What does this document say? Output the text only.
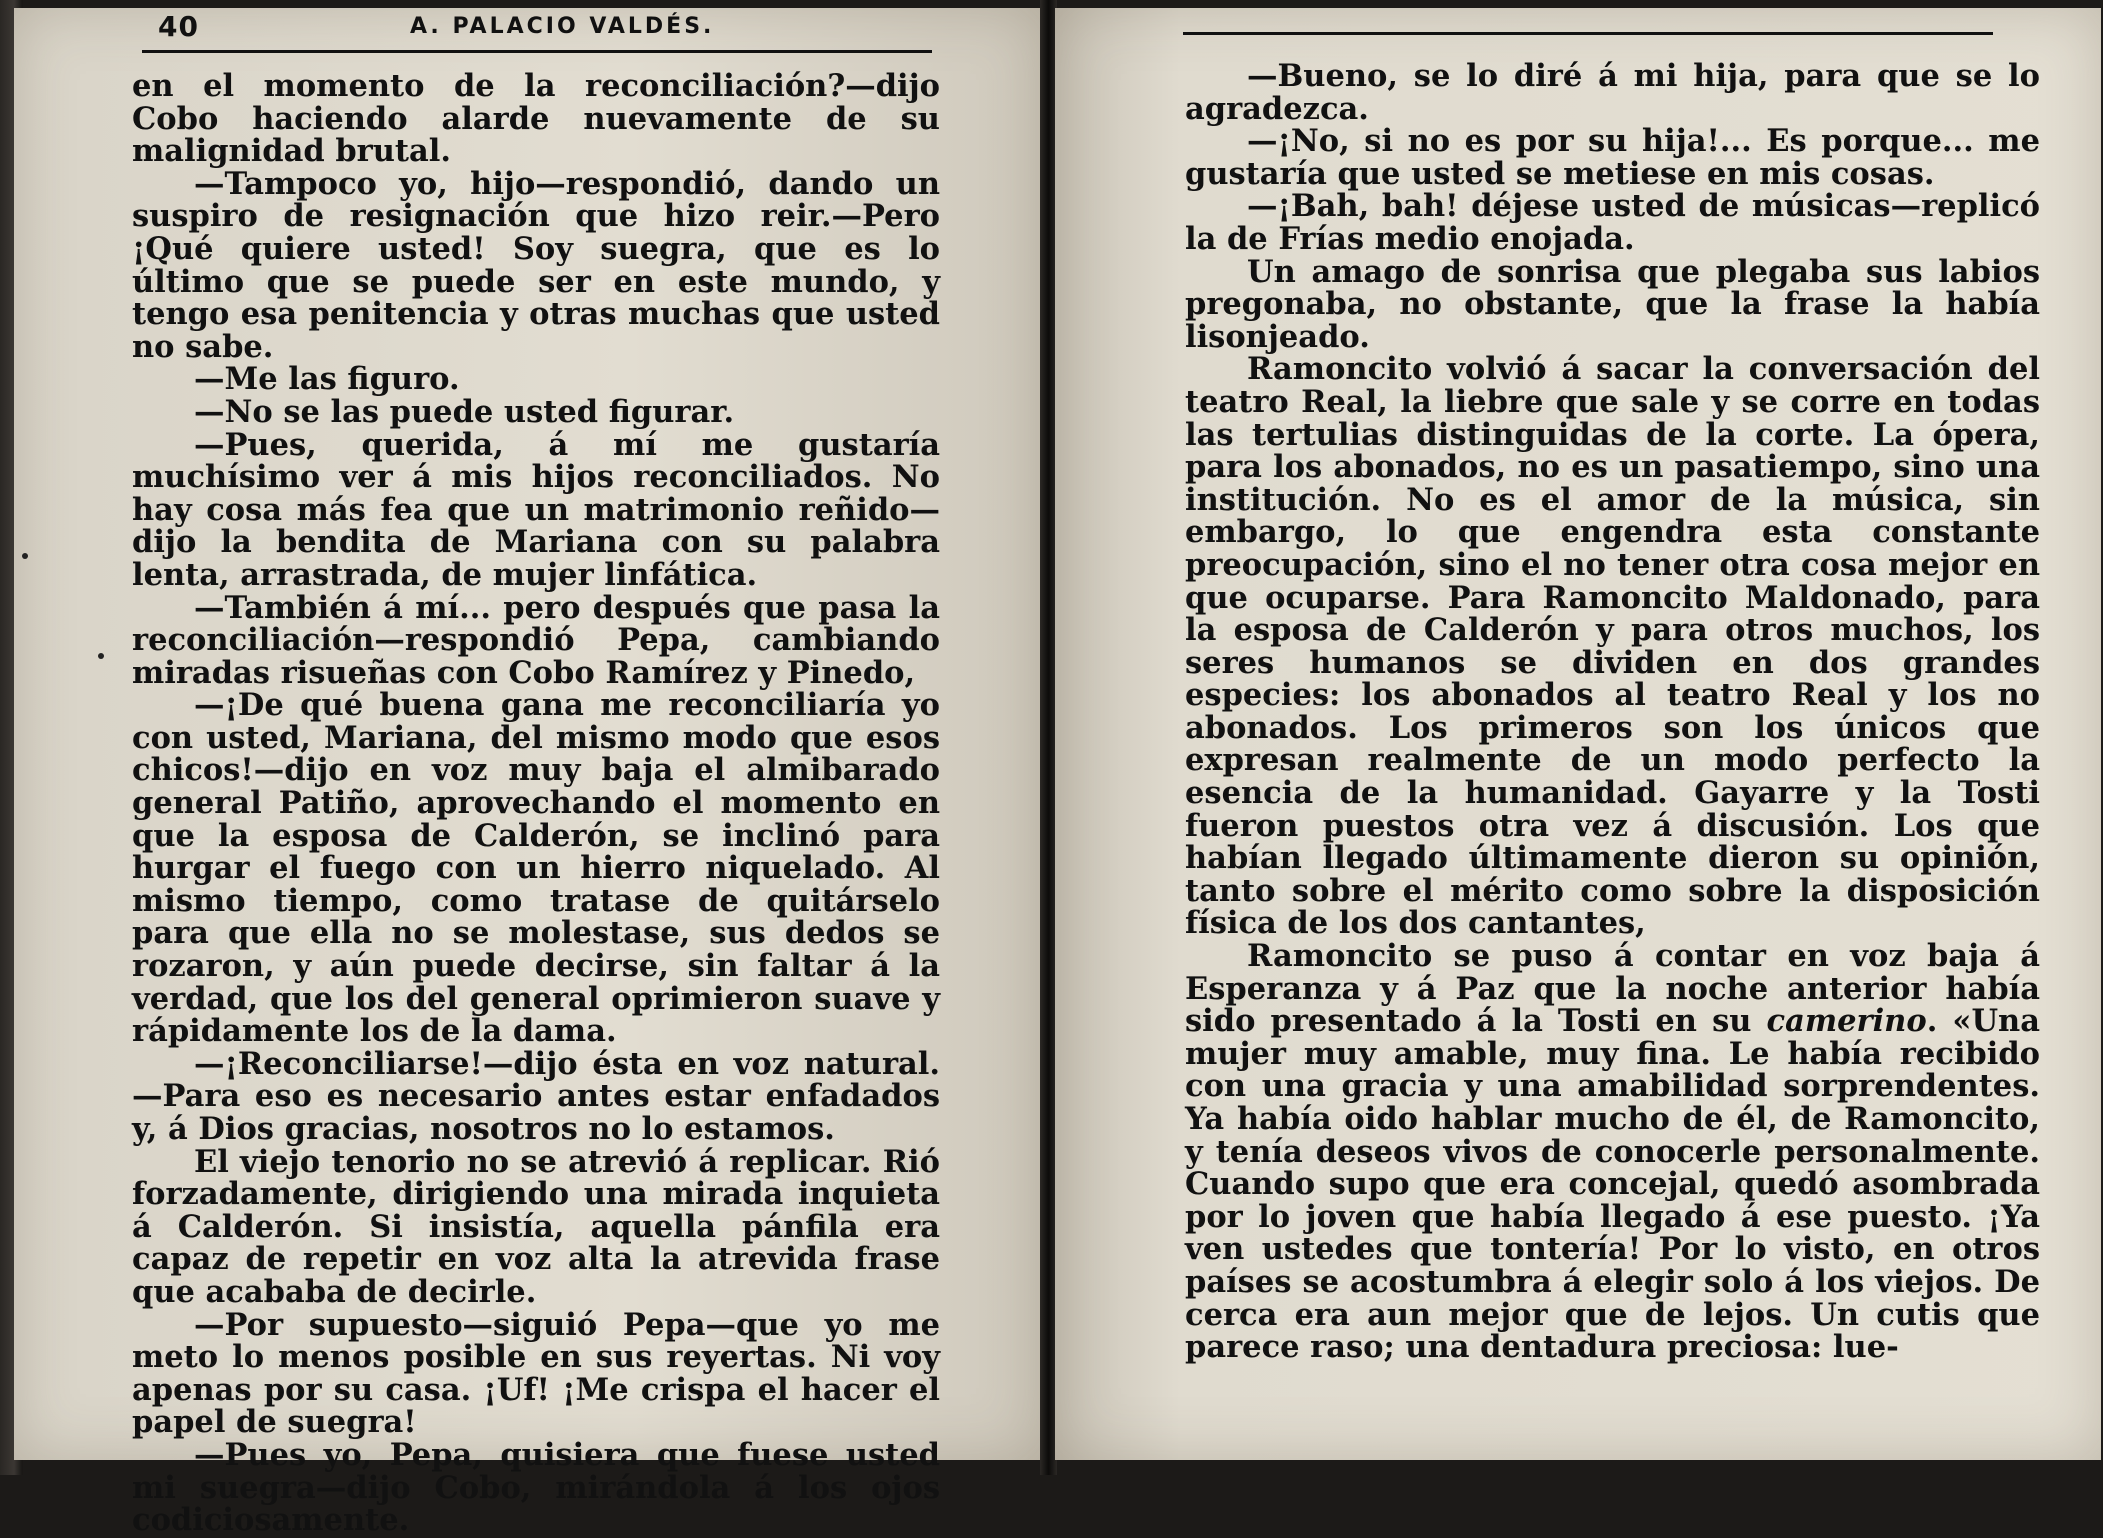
40	A. PALACIO VALDÉS.

en el momento de la reconciliación?—dijo Cobo haciendo alarde nuevamente de su malignidad brutal.

—Tampoco yo, hijo—respondió, dando un suspiro de resignación que hizo reir.—Pero ¡Qué quiere usted! Soy suegra, que es lo último que se puede ser en este mundo, y tengo esa penitencia y otras muchas que usted no sabe.

—Me las figuro.

—No se las puede usted figurar.

—Pues, querida, á mí me gustaría muchísimo ver á mis hijos reconciliados. No hay cosa más fea que un matrimonio reñido—dijo la bendita de Mariana con su palabra lenta, arrastrada, de mujer linfática.

—También á mí... pero después que pasa la reconciliación—respondió Pepa, cambiando miradas risueñas con Cobo Ramírez y Pinedo,

—¡De qué buena gana me reconciliaría yo con usted, Mariana, del mismo modo que esos chicos!—dijo en voz muy baja el almibarado general Patiño, aprovechando el momento en que la esposa de Calderón, se inclinó para hurgar el fuego con un hierro niquelado. Al mismo tiempo, como tratase de quitárselo para que ella no se molestase, sus dedos se rozaron, y aún puede decirse, sin faltar á la verdad, que los del general oprimieron suave y rápidamente los de la dama.

—¡Reconciliarse!—dijo ésta en voz natural.—Para eso es necesario antes estar enfadados y, á Dios gracias, nosotros no lo estamos.

El viejo tenorio no se atrevió á replicar. Rió forzadamente, dirigiendo una mirada inquieta á Calderón. Si insistía, aquella pánfila era capaz de repetir en voz alta la atrevida frase que acababa de decirle.

—Por supuesto—siguió Pepa—que yo me meto lo menos posible en sus reyertas. Ni voy apenas por su casa. ¡Uf! ¡Me crispa el hacer el papel de suegra!

—Pues yo, Pepa, quisiera que fuese usted mi suegra—dijo Cobo, mirándola á los ojos codiciosamente.

—Bueno, se lo diré á mi hija, para que se lo agradezca.

—¡No, si no es por su hija!... Es porque... me gustaría que usted se metiese en mis cosas.

—¡Bah, bah! déjese usted de músicas—replicó la de Frías medio enojada.

Un amago de sonrisa que plegaba sus labios pregonaba, no obstante, que la frase la había lisonjeado.

Ramoncito volvió á sacar la conversación del teatro Real, la liebre que sale y se corre en todas las tertulias distinguidas de la corte. La ópera, para los abonados, no es un pasatiempo, sino una institución. No es el amor de la música, sin embargo, lo que engendra esta constante preocupación, sino el no tener otra cosa mejor en que ocuparse. Para Ramoncito Maldonado, para la esposa de Calderón y para otros muchos, los seres humanos se dividen en dos grandes especies: los abonados al teatro Real y los no abonados. Los primeros son los únicos que expresan realmente de un modo perfecto la esencia de la humanidad. Gayarre y la Tosti fueron puestos otra vez á discusión. Los que habían llegado últimamente dieron su opinión, tanto sobre el mérito como sobre la disposición física de los dos cantantes,

Ramoncito se puso á contar en voz baja á Esperanza y á Paz que la noche anterior había sido presentado á la Tosti en su camerino. «Una mujer muy amable, muy fina. Le había recibido con una gracia y una amabilidad sorprendentes. Ya había oido hablar mucho de él, de Ramoncito, y tenía deseos vivos de conocerle personalmente. Cuando supo que era concejal, quedó asombrada por lo joven que había llegado á ese puesto. ¡Ya ven ustedes que tontería! Por lo visto, en otros países se acostumbra á elegir solo á los viejos. De cerca era aun mejor que de lejos. Un cutis que parece raso; una dentadura preciosa: lue-
